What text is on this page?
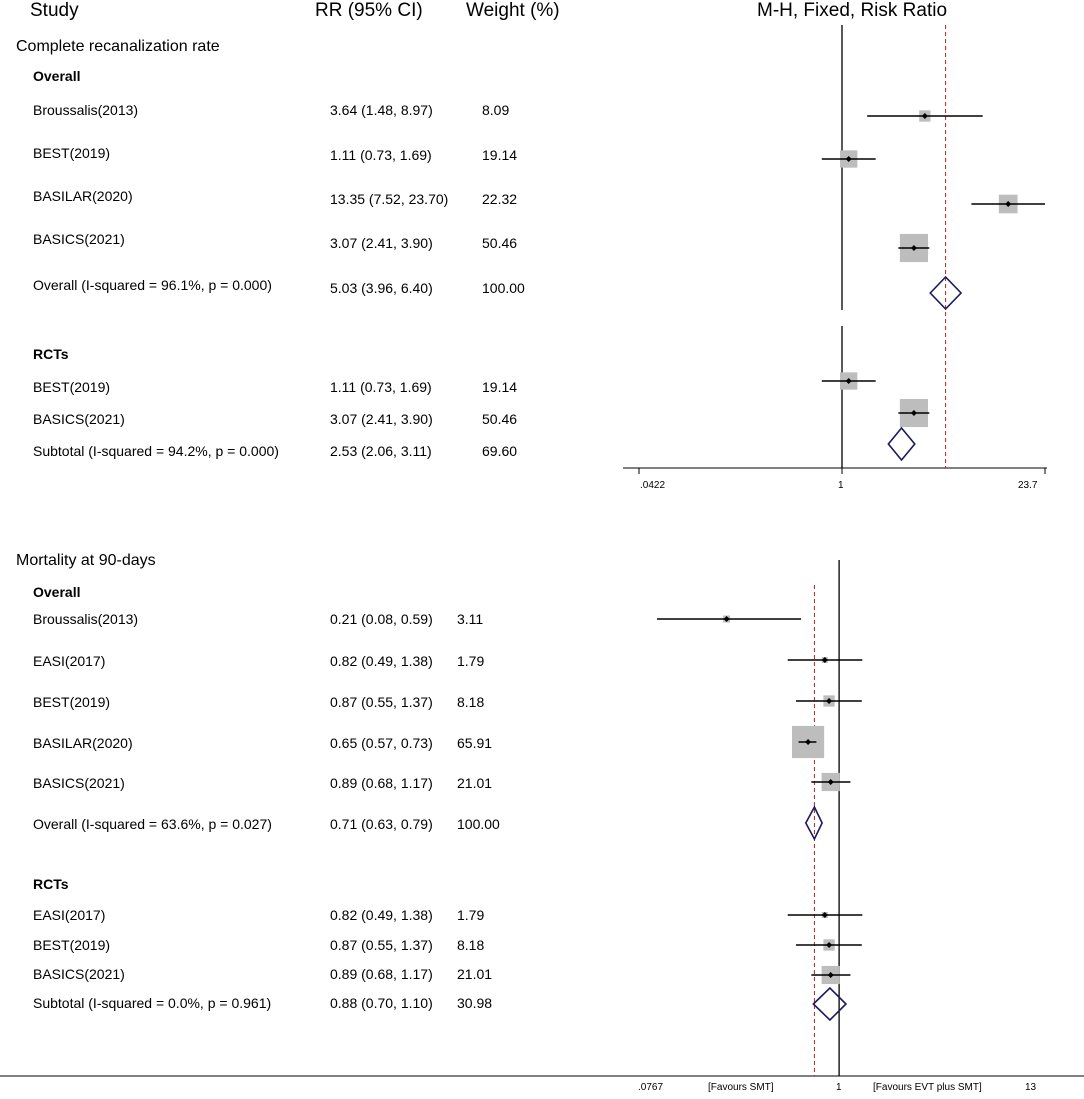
Study	RR (95% CI) Weight (%)	M-H, Fixed, Risk Ratio
Complete recanalization rate
Overall
Broussalis(2013)	3.64 (1.48, 8.97)	8.09
BEST(2019)	1.11 (0.73, 1.69)	19.14
BASILAR(2020)	13.35 (7.52, 23.70) 22.32
BASICS(2021)	3.07 (2.41, 3.90)	50.46
Overall (I-squared = 96.1%, p = 0.000)	5.03 (3.96, 6.40)	100.00
RCTs
BEST(2019)	1.11 (0.73, 1.69)	19.14
BASICS(2021)	3.07 (2.41, 3.90)	50.46
Subtotal (I-squared = 94.2%, p = 0.000)	2.53 (2.06, 3.11)	69.60
.0422	1	23.7
Mortality at 90-days
Overall
Broussalis(2013)	0.21 (0.08, 0.59) 3.11
EASI(2017)	0.82 (0.49, 1.38) 1.79
BEST(2019)	0.87 (0.55, 1.37) 8.18
BASILAR(2020)	0.65 (0.57, 0.73) 65.91
BASICS(2021)	0.89 (0.68, 1.17) 21.01
Overall (I-squared = 63.6%, p = 0.027)	0.71 (0.63, 0.79) 100.00
RCTs
EASI(2017)	0.82 (0.49, 1.38) 1.79
BEST(2019)	0.87 (0.55, 1.37) 8.18
BASICS(2021)	0.89 (0.68, 1.17) 21.01
Subtotal (I-squared = 0.0%, p = 0.961)	0.88 (0.70, 1.10) 30.98
.0767	[Favours SMT]	1	[Favours EVT plus SMT]	13
